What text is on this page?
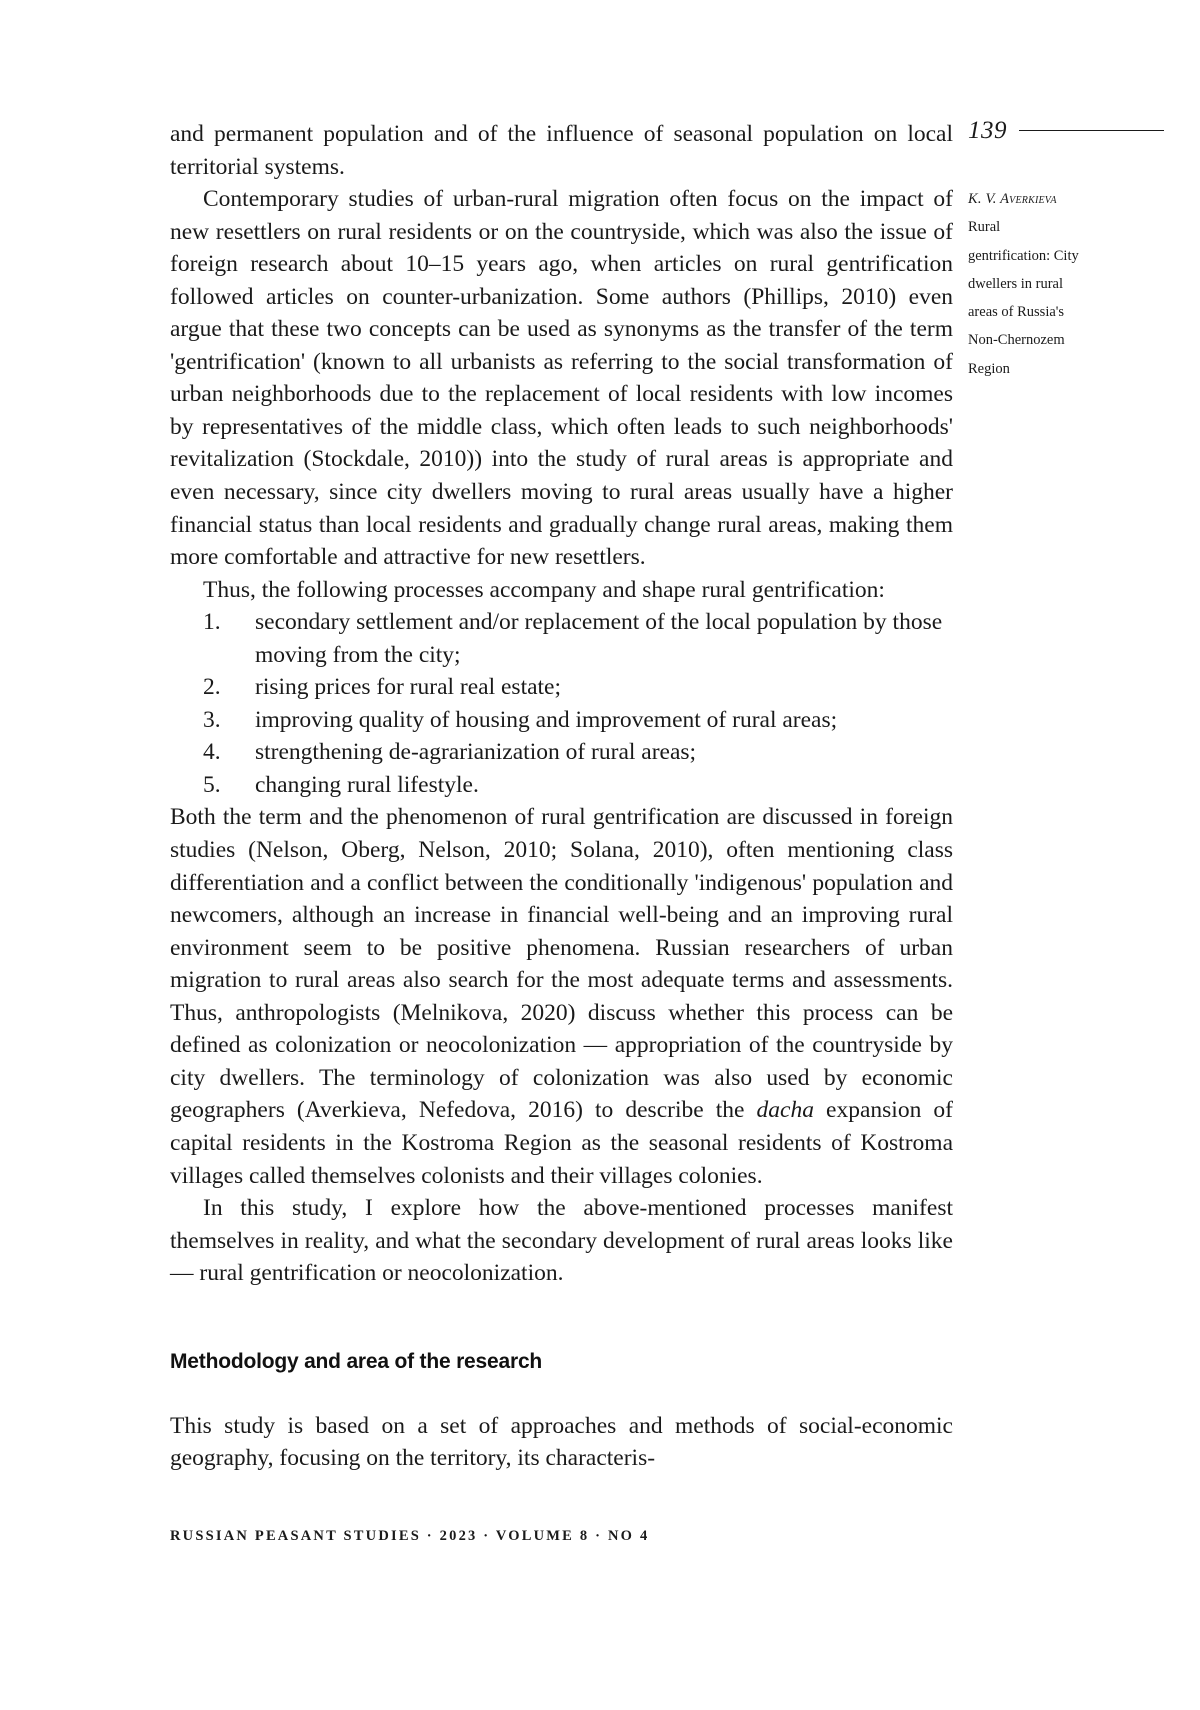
139
K. V. Averkieva
Rural
gentrification: City
dwellers in rural
areas of Russia's
Non-Chernozem
Region

and permanent population and of the influence of seasonal population on local territorial systems.

Contemporary studies of urban-rural migration often focus on the impact of new resettlers on rural residents or on the countryside, which was also the issue of foreign research about 10–15 years ago, when articles on rural gentrification followed articles on counter-urbanization. Some authors (Phillips, 2010) even argue that these two concepts can be used as synonyms as the transfer of the term 'gentrification' (known to all urbanists as referring to the social transformation of urban neighborhoods due to the replacement of local residents with low incomes by representatives of the middle class, which often leads to such neighborhoods' revitalization (Stockdale, 2010)) into the study of rural areas is appropriate and even necessary, since city dwellers moving to rural areas usually have a higher financial status than local residents and gradually change rural areas, making them more comfortable and attractive for new resettlers.

Thus, the following processes accompany and shape rural gentrification:

1.	secondary settlement and/or replacement of the local population by those moving from the city;
2.	rising prices for rural real estate;
3.	improving quality of housing and improvement of rural areas;
4.	strengthening de-agrarianization of rural areas;
5.	changing rural lifestyle.

Both the term and the phenomenon of rural gentrification are discussed in foreign studies (Nelson, Oberg, Nelson, 2010; Solana, 2010), often mentioning class differentiation and a conflict between the conditionally 'indigenous' population and newcomers, although an increase in financial well-being and an improving rural environment seem to be positive phenomena. Russian researchers of urban migration to rural areas also search for the most adequate terms and assessments. Thus, anthropologists (Melnikova, 2020) discuss whether this process can be defined as colonization or neocolonization — appropriation of the countryside by city dwellers. The terminology of colonization was also used by economic geographers (Averkieva, Nefedova, 2016) to describe the dacha expansion of capital residents in the Kostroma Region as the seasonal residents of Kostroma villages called themselves colonists and their villages colonies.

In this study, I explore how the above-mentioned processes manifest themselves in reality, and what the secondary development of rural areas looks like — rural gentrification or neocolonization.

Methodology and area of the research

This study is based on a set of approaches and methods of social-economic geography, focusing on the territory, its characteris-

RUSSIAN PEASANT STUDIES · 2023 · VOLUME 8 · NO 4
